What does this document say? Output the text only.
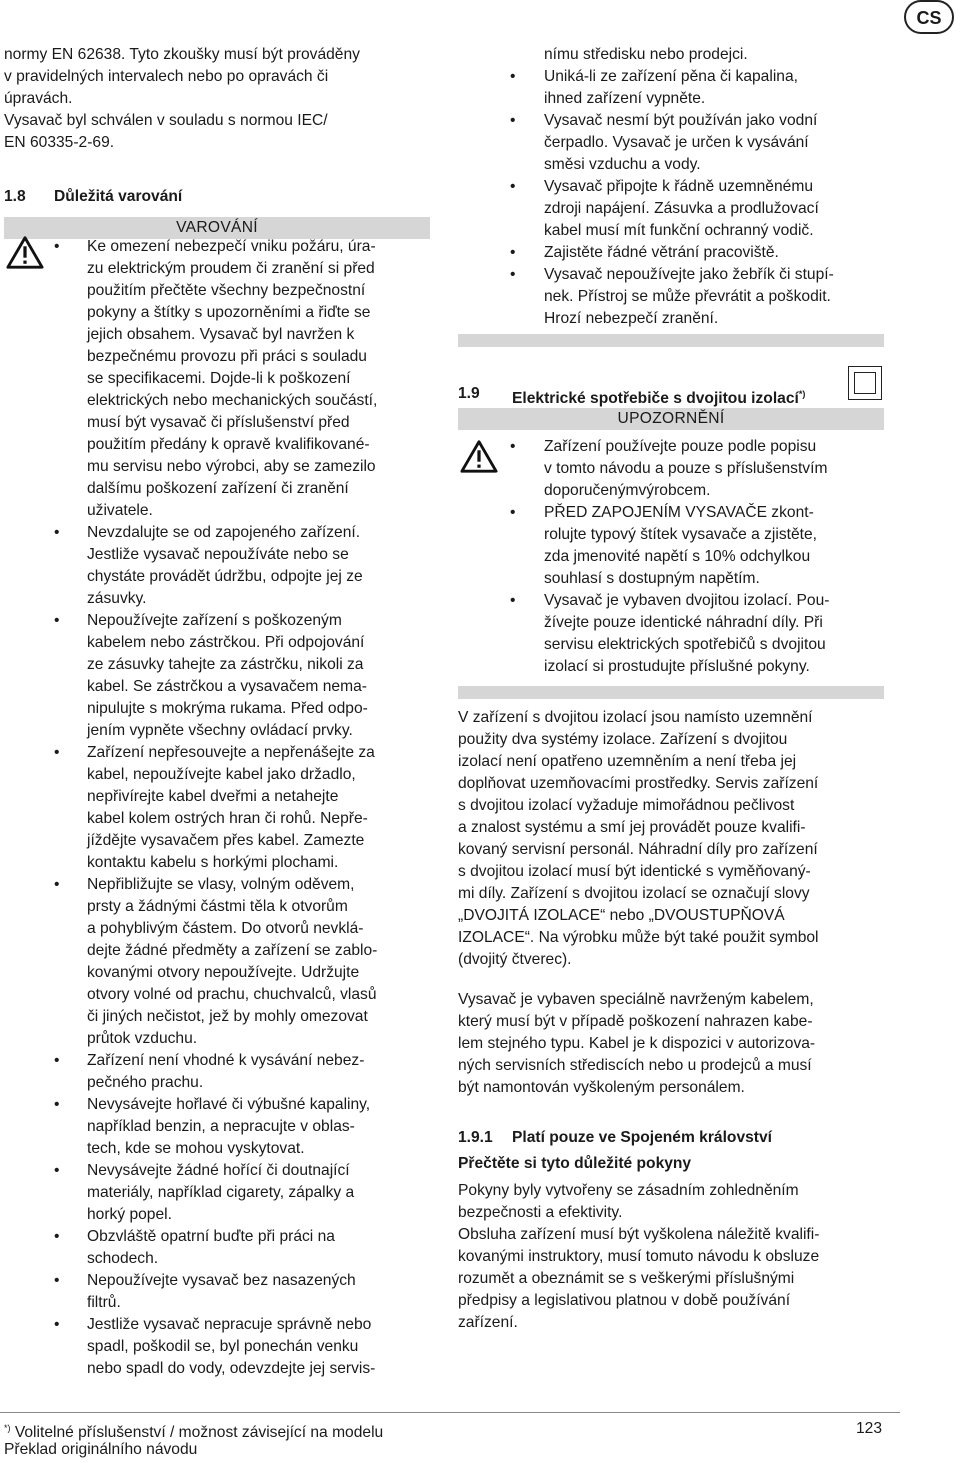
CS

normy EN 62638. Tyto zkoušky musí být prováděny

v pravidelných intervalech nebo po opravách či

úpravách.

Vysavač byl schválen v souladu s normou IEC/

EN 60335-2-69.

1.8 Důležitá varování
VAROVÁNÍ

• Ke omezení nebezpečí vniku požáru, úra-

zu elektrickým proudem či zranění si před

použitím přečtěte všechny bezpečnostní

pokyny a štítky s upozorněními a řiďte se

jejich obsahem. Vysavač byl navržen k

bezpečnému provozu při práci s souladu

se specifikacemi. Dojde-li k poškození

elektrických nebo mechanických součástí,

musí být vysavač či příslušenství před

použitím předány k opravě kvalifikované-

mu servisu nebo výrobci, aby se zamezilo

dalšímu poškození zařízení či zranění

uživatele.

• Nevzdalujte se od zapojeného zařízení.

Jestliže vysavač nepoužíváte nebo se

chystáte provádět údržbu, odpojte jej ze

zásuvky.

• Nepoužívejte zařízení s poškozeným

kabelem nebo zástrčkou. Při odpojování

ze zásuvky tahejte za zástrčku, nikoli za

kabel. Se zástrčkou a vysavačem nema-

nipulujte s mokrýma rukama. Před odpo-

jením vypněte všechny ovládací prvky.

• Zařízení nepřesouvejte a nepřenášejte za

kabel, nepoužívejte kabel jako držadlo,

nepřivírejte kabel dveřmi a netahejte

kabel kolem ostrých hran či rohů. Nepře-

jíždějte vysavačem přes kabel. Zamezte

kontaktu kabelu s horkými plochami.

• Nepřibližujte se vlasy, volným oděvem,

prsty a žádnými částmi těla k otvorům

a pohyblivým částem. Do otvorů nevklá-

dejte žádné předměty a zařízení se zablo-

kovanými otvory nepoužívejte. Udržujte

otvory volné od prachu, chuchvalců, vlasů

či jiných nečistot, jež by mohly omezovat

průtok vzduchu.

• Zařízení není vhodné k vysávání nebez-

pečného prachu.

• Nevysávejte hořlavé či výbušné kapaliny,

například benzin, a nepracujte v oblas-

tech, kde se mohou vyskytovat.

• Nevysávejte žádné hořící či doutnající

materiály, například cigarety, zápalky a

horký popel.

• Obzvláště opatrní buďte při práci na

schodech.

• Nepoužívejte vysavač bez nasazených

filtrů.

• Jestliže vysavač nepracuje správně nebo

spadl, poškodil se, byl ponechán venku

nebo spadl do vody, odevzdejte jej servis-

nímu středisku nebo prodejci.

• Uniká-li ze zařízení pěna či kapalina,

ihned zařízení vypněte.

• Vysavač nesmí být používán jako vodní

čerpadlo. Vysavač je určen k vysávání

směsi vzduchu a vody.

• Vysavač připojte k řádně uzemněnému

zdroji napájení. Zásuvka a prodlužovací

kabel musí mít funkční ochranný vodič.

• Zajistěte řádné větrání pracoviště.

• Vysavač nepoužívejte jako žebřík či stupí-

nek. Přístroj se může převrátit a poškodit.

Hrozí nebezpečí zranění.

1.9 Elektrické spotřebiče s dvojitou izolací*)
UPOZORNĚNÍ

• Zařízení používejte pouze podle popisu

v tomto návodu a pouze s příslušenstvím

doporučenýmvýrobcem.

• PŘED ZAPOJENÍM VYSAVAČE zkont-

rolujte typový štítek vysavače a zjistěte,

zda jmenovité napětí s 10% odchylkou

souhlasí s dostupným napětím.

• Vysavač je vybaven dvojitou izolací. Pou-

žívejte pouze identické náhradní díly. Při

servisu elektrických spotřebičů s dvojitou

izolací si prostudujte příslušné pokyny.

V zařízení s dvojitou izolací jsou namísto uzemnění

použity dva systémy izolace. Zařízení s dvojitou

izolací není opatřeno uzemněním a není třeba jej

doplňovat uzemňovacími prostředky. Servis zařízení

s dvojitou izolací vyžaduje mimořádnou pečlivost

a znalost systému a smí jej provádět pouze kvalifi-

kovaný servisní personál. Náhradní díly pro zařízení

s dvojitou izolací musí být identické s vyměňovaný-

mi díly. Zařízení s dvojitou izolací se označují slovy

„DVOJITÁ IZOLACE“ nebo „DVOUSTUPŇOVÁ

IZOLACE“. Na výrobku může být také použit symbol

(dvojitý čtverec).

Vysavač je vybaven speciálně navrženým kabelem,

který musí být v případě poškození nahrazen kabe-

lem stejného typu. Kabel je k dispozici v autorizova-

ných servisních střediscích nebo u prodejců a musí

být namontován vyškoleným personálem.

1.9.1 Platí pouze ve Spojeném království
Přečtěte si tyto důležité pokyny

Pokyny byly vytvořeny se zásadním zohledněním

bezpečnosti a efektivity.

Obsluha zařízení musí být vyškolena náležitě kvalifi-

kovanými instruktory, musí tomuto návodu k obsluze

rozumět a obeznámit se s veškerými příslušnými

předpisy a legislativou platnou v době používání

zařízení.

*) Volitelné příslušenství / možnost závisející na modelu
Překlad originálního návodu
123
